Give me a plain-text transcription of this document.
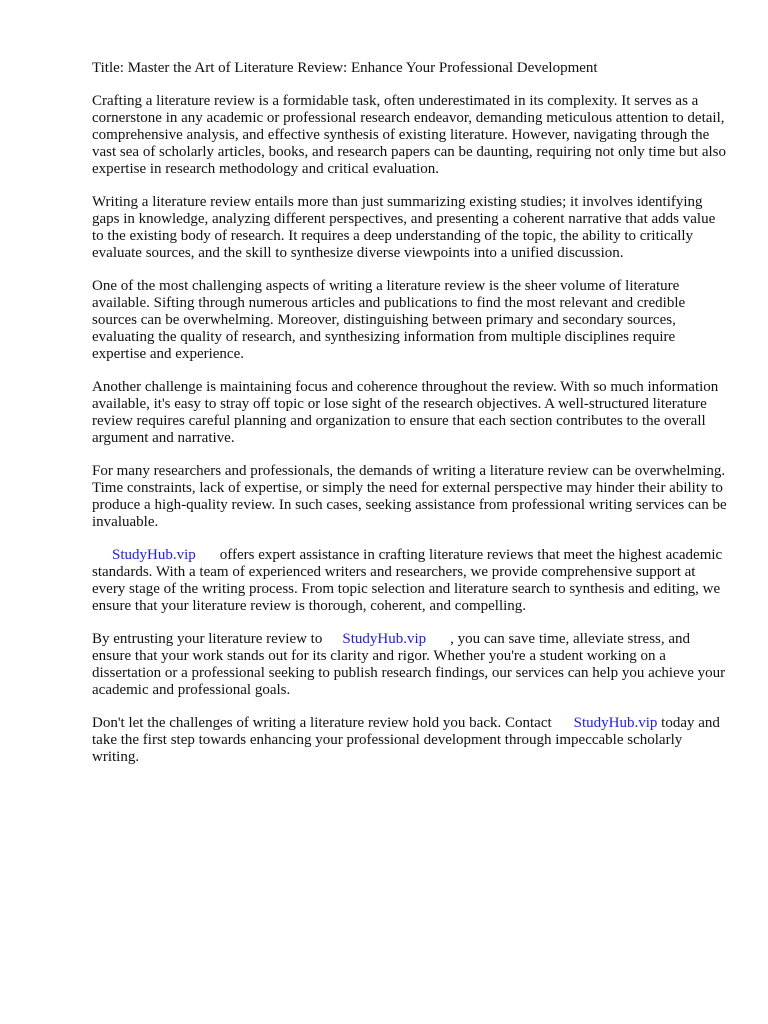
Title: Master the Art of Literature Review: Enhance Your Professional Development

Crafting a literature review is a formidable task, often underestimated in its complexity. It serves as a cornerstone in any academic or professional research endeavor, demanding meticulous attention to detail, comprehensive analysis, and effective synthesis of existing literature. However, navigating through the vast sea of scholarly articles, books, and research papers can be daunting, requiring not only time but also expertise in research methodology and critical evaluation.

Writing a literature review entails more than just summarizing existing studies; it involves identifying gaps in knowledge, analyzing different perspectives, and presenting a coherent narrative that adds value to the existing body of research. It requires a deep understanding of the topic, the ability to critically evaluate sources, and the skill to synthesize diverse viewpoints into a unified discussion.

One of the most challenging aspects of writing a literature review is the sheer volume of literature available. Sifting through numerous articles and publications to find the most relevant and credible sources can be overwhelming. Moreover, distinguishing between primary and secondary sources, evaluating the quality of research, and synthesizing information from multiple disciplines require expertise and experience.

Another challenge is maintaining focus and coherence throughout the review. With so much information available, it's easy to stray off topic or lose sight of the research objectives. A well-structured literature review requires careful planning and organization to ensure that each section contributes to the overall argument and narrative.

For many researchers and professionals, the demands of writing a literature review can be overwhelming. Time constraints, lack of expertise, or simply the need for external perspective may hinder their ability to produce a high-quality review. In such cases, seeking assistance from professional writing services can be invaluable.

StudyHub.vip offers expert assistance in crafting literature reviews that meet the highest academic standards. With a team of experienced writers and researchers, we provide comprehensive support at every stage of the writing process. From topic selection and literature search to synthesis and editing, we ensure that your literature review is thorough, coherent, and compelling.

By entrusting your literature review to StudyHub.vip , you can save time, alleviate stress, and ensure that your work stands out for its clarity and rigor. Whether you're a student working on a dissertation or a professional seeking to publish research findings, our services can help you achieve your academic and professional goals.

Don't let the challenges of writing a literature review hold you back. Contact StudyHub.vip today and take the first step towards enhancing your professional development through impeccable scholarly writing.
